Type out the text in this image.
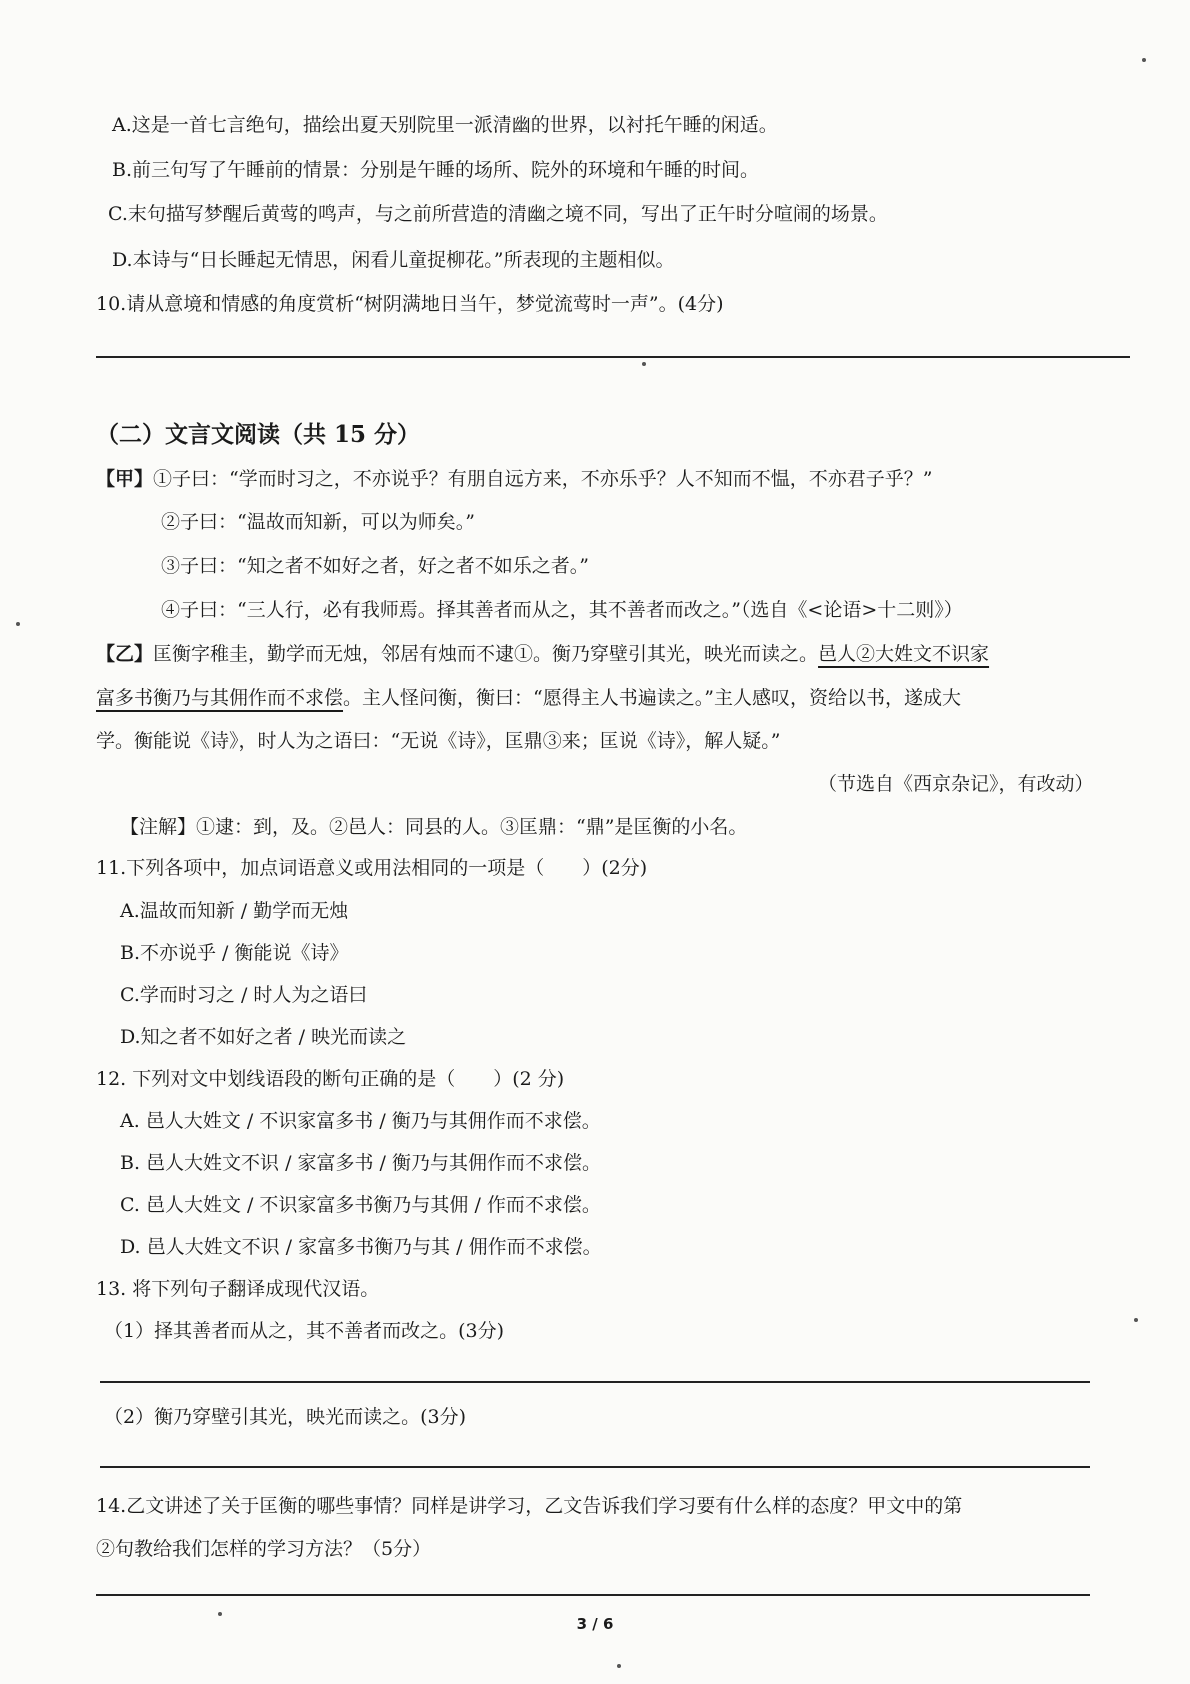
A.这是一首七言绝句，描绘出夏天别院里一派清幽的世界，以衬托午睡的闲适。
B.前三句写了午睡前的情景：分别是午睡的场所、院外的环境和午睡的时间。
C.末句描写梦醒后黄莺的鸣声，与之前所营造的清幽之境不同，写出了正午时分喧闹的场景。
D.本诗与“日长睡起无情思，闲看儿童捉柳花。”所表现的主题相似。
10.请从意境和情感的角度赏析“树阴满地日当午，梦觉流莺时一声”。(4分)
（二）文言文阅读（共 15 分）
【甲】①子曰：“学而时习之，不亦说乎？有朋自远方来，不亦乐乎？人不知而不愠，不亦君子乎？”
②子曰：“温故而知新，可以为师矣。”
③子曰：“知之者不如好之者，好之者不如乐之者。”
④子曰：“三人行，必有我师焉。择其善者而从之，其不善者而改之。”（选自《<论语>十二则》）
【乙】匡衡字稚圭，勤学而无烛，邻居有烛而不逮①。衡乃穿壁引其光，映光而读之。邑人②大姓文不识家
富多书衡乃与其佣作而不求偿。主人怪问衡，衡曰：“愿得主人书遍读之。”主人感叹，资给以书，遂成大
学。衡能说《诗》，时人为之语曰：“无说《诗》，匡鼎③来；匡说《诗》，解人疑。”
（节选自《西京杂记》，有改动）
【注解】①逮：到，及。②邑人：同县的人。③匡鼎：“鼎”是匡衡的小名。
11.下列各项中，加点词语意义或用法相同的一项是（　　）(2分)
A.温故而知新 / 勤学而无烛
B.不亦说乎 / 衡能说《诗》
C.学而时习之 / 时人为之语曰
D.知之者不如好之者 / 映光而读之
12. 下列对文中划线语段的断句正确的是（　　）(2 分)
A. 邑人大姓文 / 不识家富多书 / 衡乃与其佣作而不求偿。
B. 邑人大姓文不识 / 家富多书 / 衡乃与其佣作而不求偿。
C. 邑人大姓文 / 不识家富多书衡乃与其佣 / 作而不求偿。
D. 邑人大姓文不识 / 家富多书衡乃与其 / 佣作而不求偿。
13. 将下列句子翻译成现代汉语。
（1）择其善者而从之，其不善者而改之。(3分)
（2）衡乃穿壁引其光，映光而读之。(3分)
14.乙文讲述了关于匡衡的哪些事情？同样是讲学习，乙文告诉我们学习要有什么样的态度？甲文中的第
②句教给我们怎样的学习方法？（5分）
3 / 6
